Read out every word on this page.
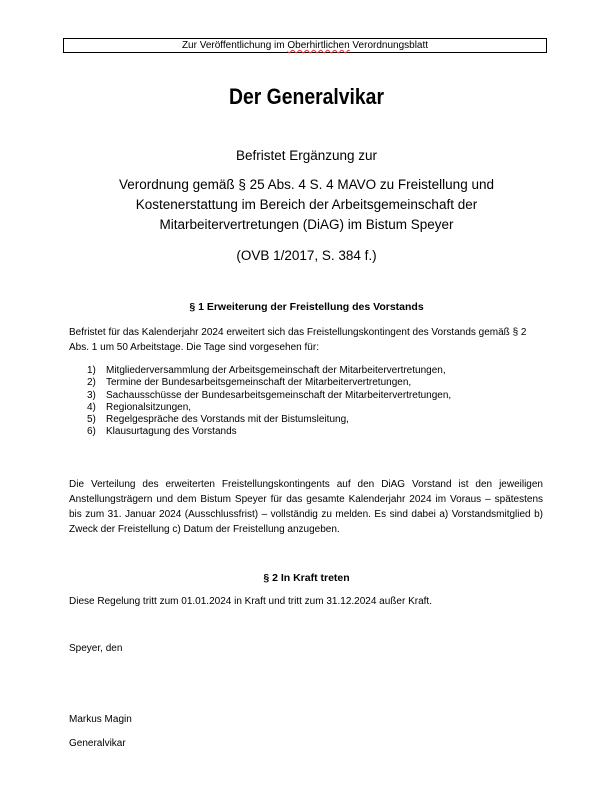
Zur Veröffentlichung im Oberhirtlichen Verordnungsblatt
Der Generalvikar
Befristet Ergänzung zur
Verordnung gemäß § 25 Abs. 4 S. 4 MAVO zu Freistellung und
Kostenerstattung im Bereich der Arbeitsgemeinschaft der
Mitarbeitervertretungen (DiAG) im Bistum Speyer
(OVB 1/2017, S. 384 f.)
§ 1 Erweiterung der Freistellung des Vorstands
Befristet für das Kalenderjahr 2024 erweitert sich das Freistellungskontingent des Vorstands gemäß § 2
Abs. 1 um 50 Arbeitstage. Die Tage sind vorgesehen für:
1)	Mitgliederversammlung der Arbeitsgemeinschaft der Mitarbeitervertretungen,
2)	Termine der Bundesarbeitsgemeinschaft der Mitarbeitervertretungen,
3)	Sachausschüsse der Bundesarbeitsgemeinschaft der Mitarbeitervertretungen,
4)	Regionalsitzungen,
5)	Regelgespräche des Vorstands mit der Bistumsleitung,
6)	Klausurtagung des Vorstands
Die Verteilung des erweiterten Freistellungskontingents auf den DiAG Vorstand ist den jeweiligen Anstellungsträgern und dem Bistum Speyer für das gesamte Kalenderjahr 2024 im Voraus – spätestens bis zum 31. Januar 2024 (Ausschlussfrist) – vollständig zu melden. Es sind dabei a) Vorstandsmitglied b) Zweck der Freistellung c) Datum der Freistellung anzugeben.
§ 2 In Kraft treten
Diese Regelung tritt zum 01.01.2024 in Kraft und tritt zum 31.12.2024 außer Kraft.
Speyer, den
Markus Magin
Generalvikar
